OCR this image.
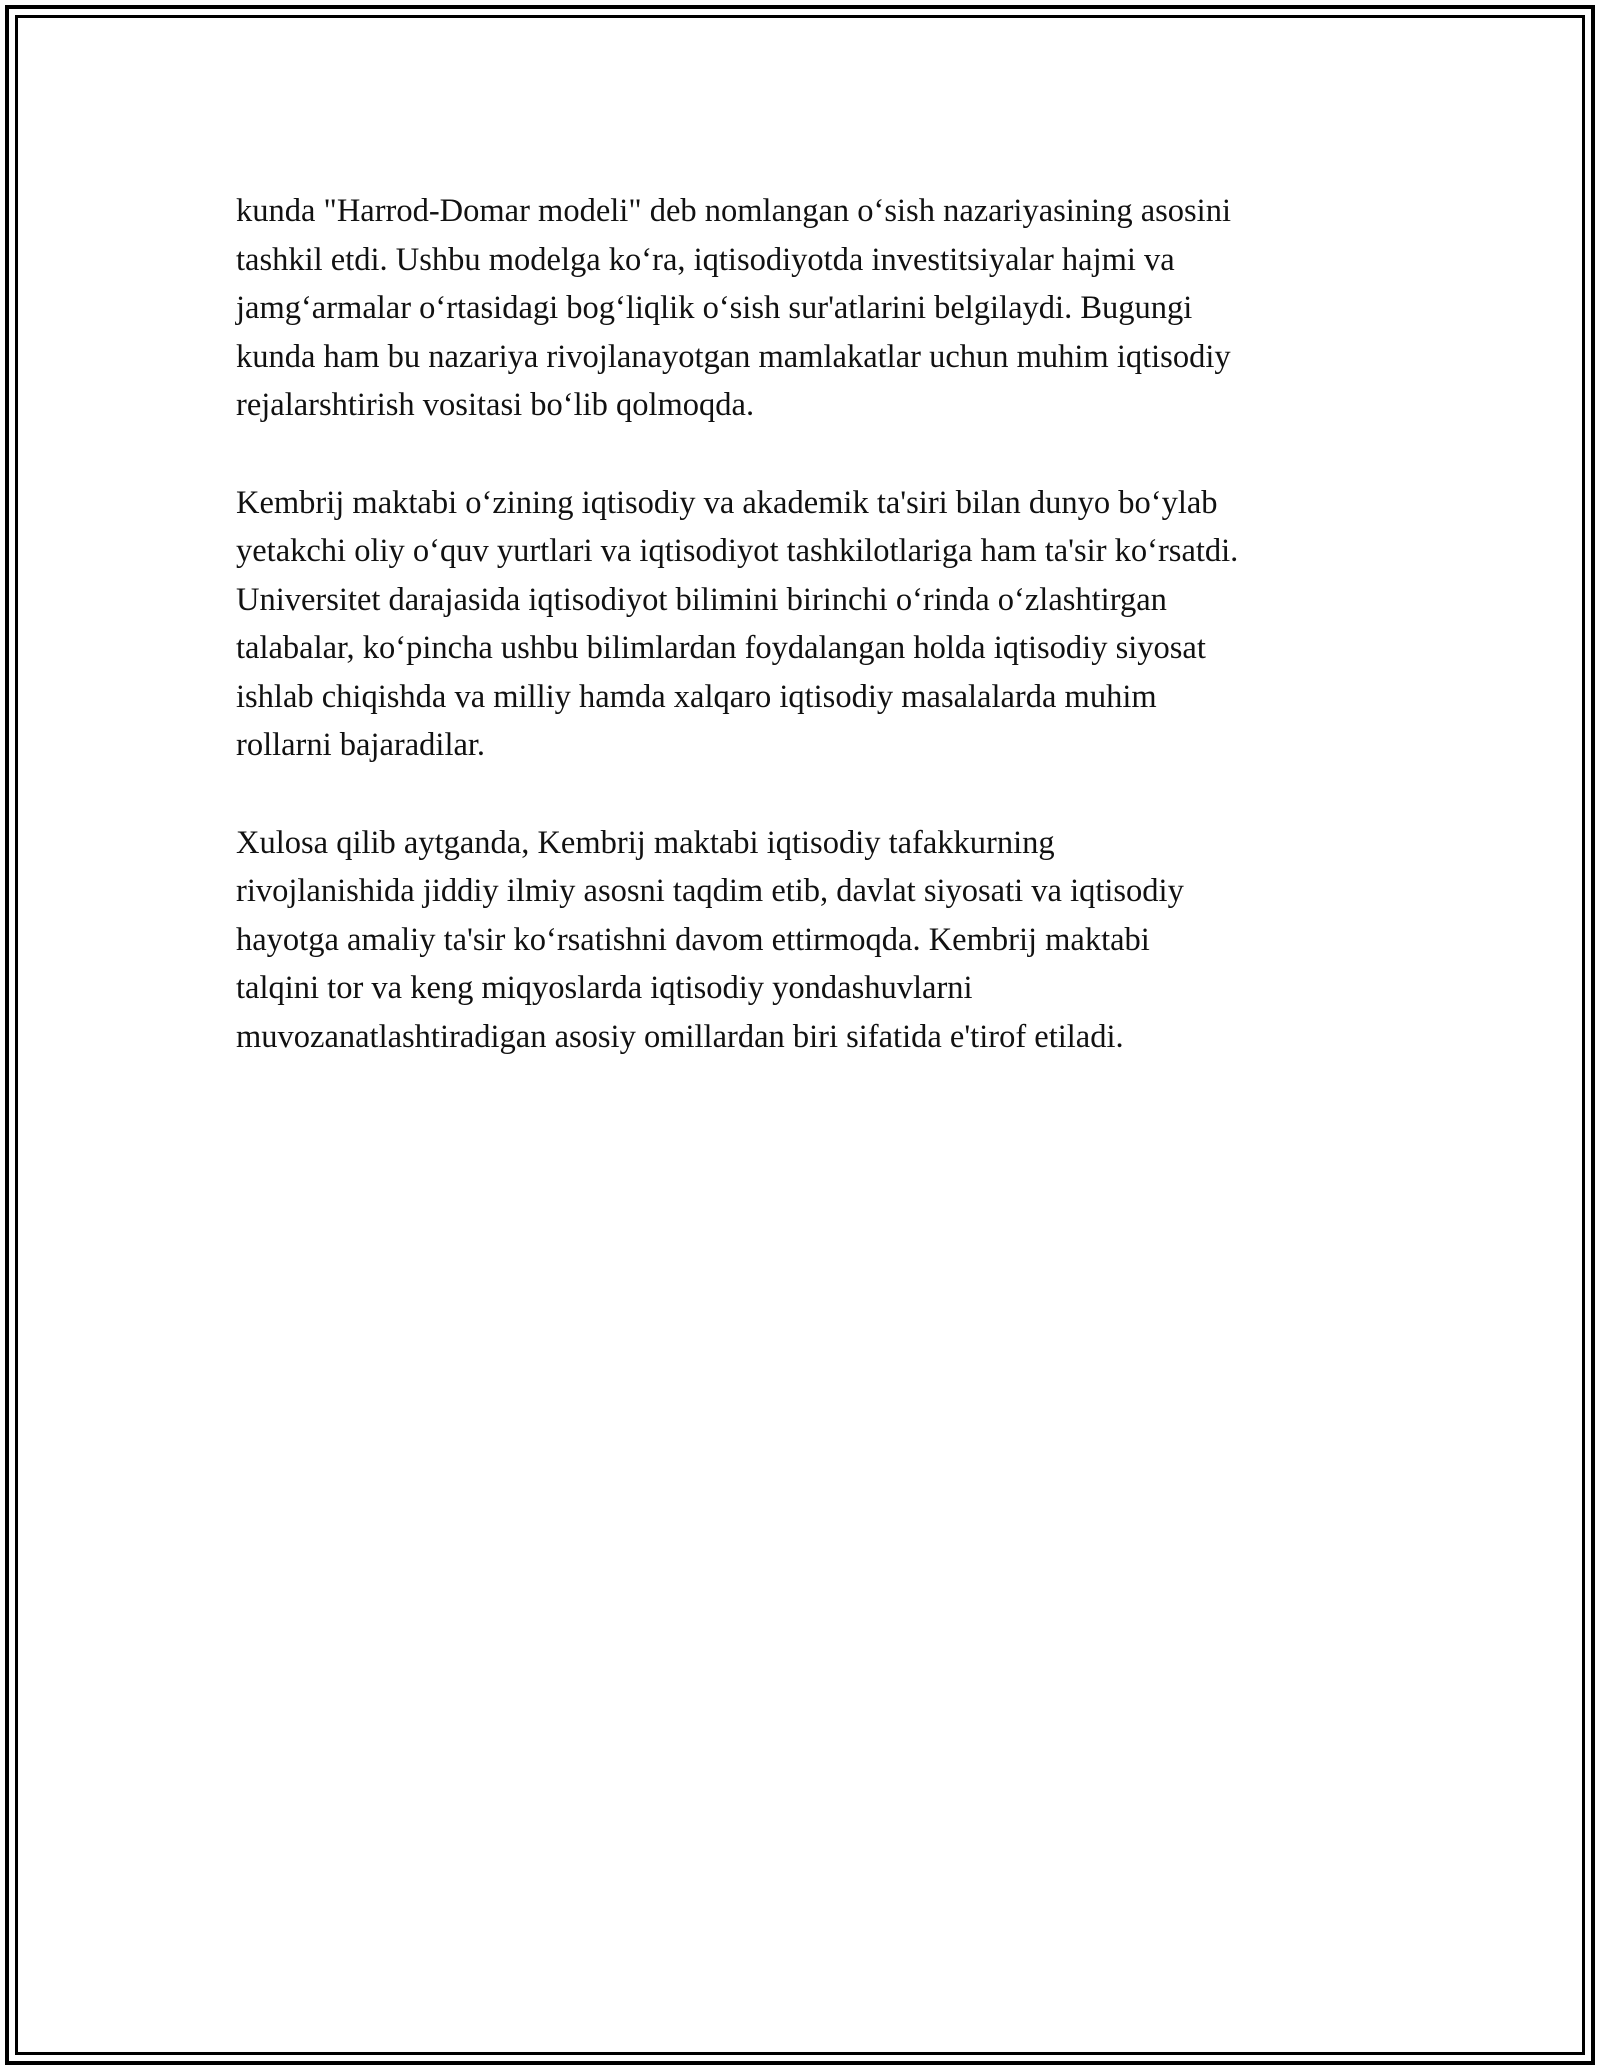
kunda "Harrod-Domar modeli" deb nomlangan o‘sish nazariyasining asosini
tashkil etdi. Ushbu modelga ko‘ra, iqtisodiyotda investitsiyalar hajmi va
jamg‘armalar o‘rtasidagi bog‘liqlik o‘sish sur'atlarini belgilaydi. Bugungi
kunda ham bu nazariya rivojlanayotgan mamlakatlar uchun muhim iqtisodiy
rejalarshtirish vositasi bo‘lib qolmoqda.

Kembrij maktabi o‘zining iqtisodiy va akademik ta'siri bilan dunyo bo‘ylab
yetakchi oliy o‘quv yurtlari va iqtisodiyot tashkilotlariga ham ta'sir ko‘rsatdi.
Universitet darajasida iqtisodiyot bilimini birinchi o‘rinda o‘zlashtirgan
talabalar, ko‘pincha ushbu bilimlardan foydalangan holda iqtisodiy siyosat
ishlab chiqishda va milliy hamda xalqaro iqtisodiy masalalarda muhim
rollarni bajaradilar.

Xulosa qilib aytganda, Kembrij maktabi iqtisodiy tafakkurning
rivojlanishida jiddiy ilmiy asosni taqdim etib, davlat siyosati va iqtisodiy
hayotga amaliy ta'sir ko‘rsatishni davom ettirmoqda. Kembrij maktabi
talqini tor va keng miqyoslarda iqtisodiy yondashuvlarni
muvozanatlashtiradigan asosiy omillardan biri sifatida e'tirof etiladi.
